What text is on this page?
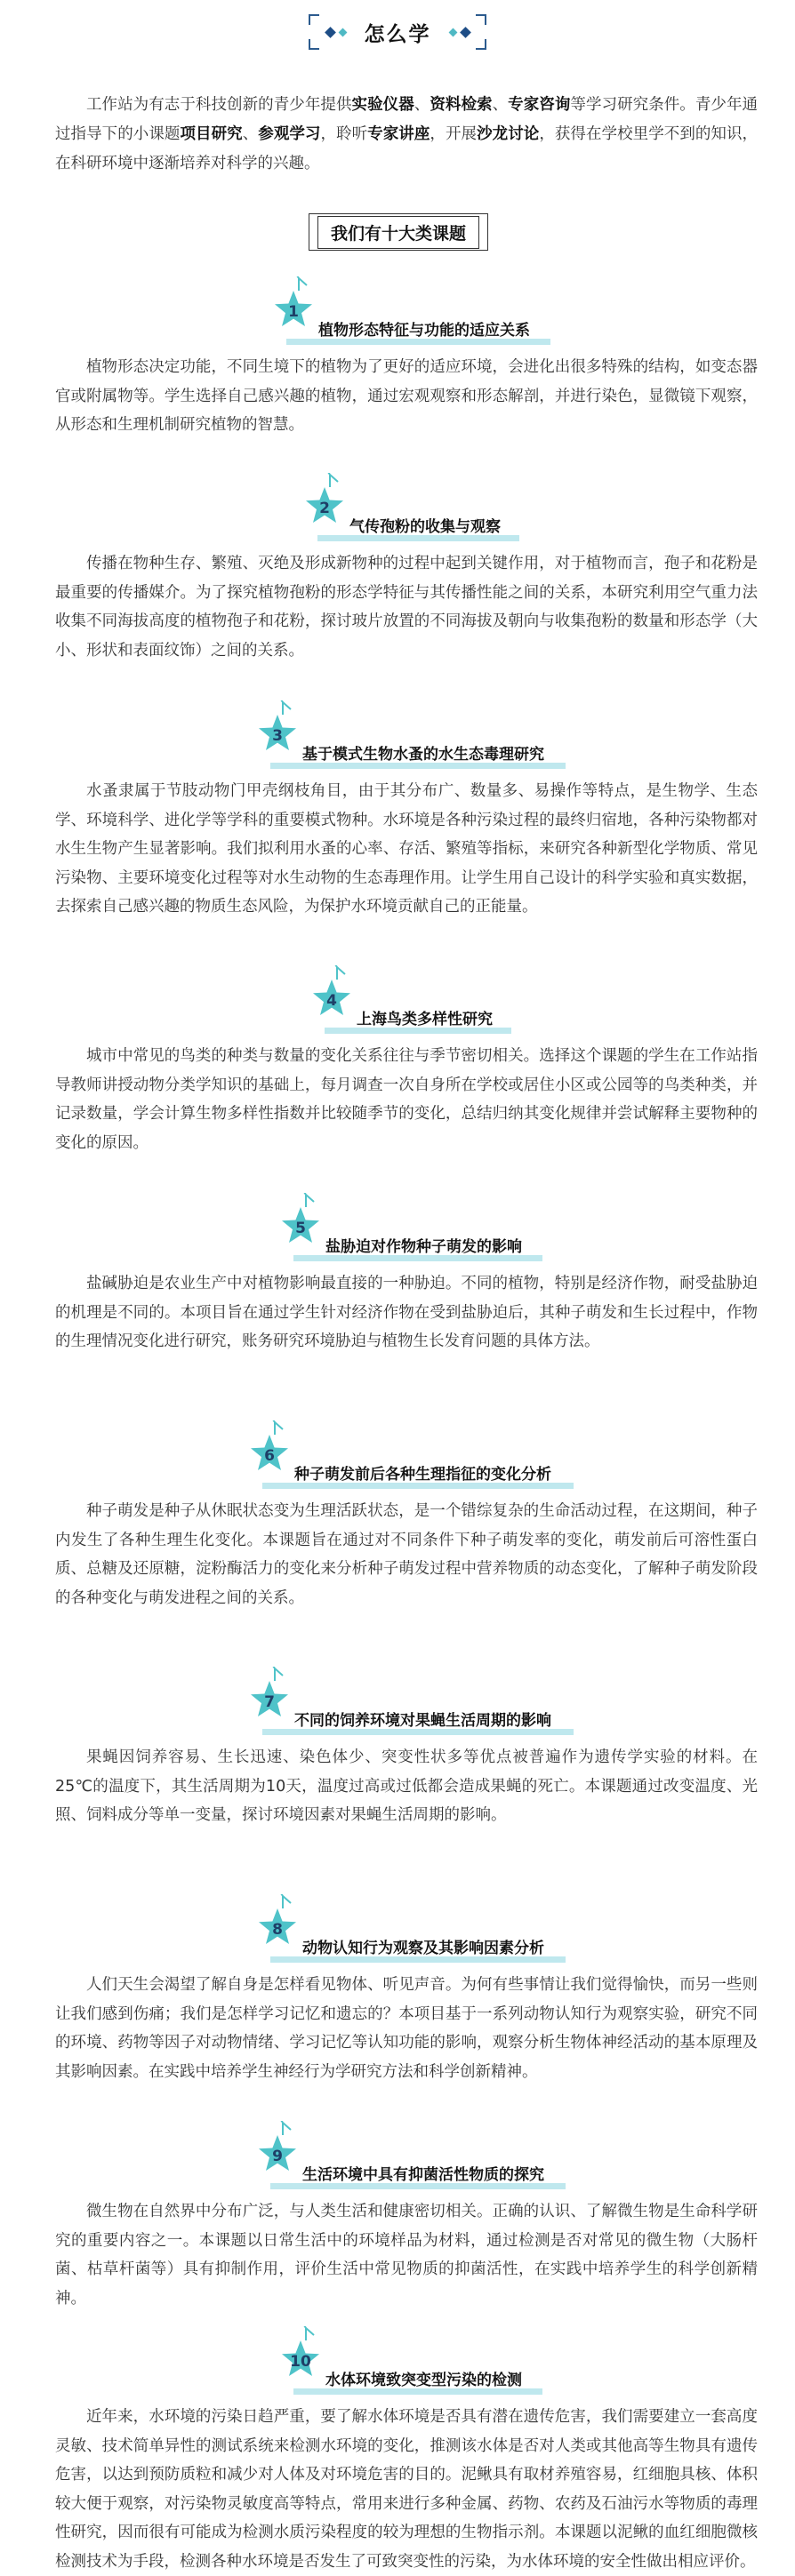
怎么学

工作站为有志于科技创新的青少年提供实验仪器、资料检索、专家咨询等学习研究条件。青少年通过指导下的小课题项目研究、参观学习，聆听专家讲座，开展沙龙讨论，获得在学校里学不到的知识，在科研环境中逐渐培养对科学的兴趣。

我们有十大类课题
1
植物形态特征与功能的适应关系

植物形态决定功能，不同生境下的植物为了更好的适应环境，会进化出很多特殊的结构，如变态器官或附属物等。学生选择自己感兴趣的植物，通过宏观观察和形态解剖，并进行染色，显微镜下观察，从形态和生理机制研究植物的智慧。

2
气传孢粉的收集与观察

传播在物种生存、繁殖、灭绝及形成新物种的过程中起到关键作用，对于植物而言，孢子和花粉是最重要的传播媒介。为了探究植物孢粉的形态学特征与其传播性能之间的关系，本研究利用空气重力法收集不同海拔高度的植物孢子和花粉，探讨玻片放置的不同海拔及朝向与收集孢粉的数量和形态学（大小、形状和表面纹饰）之间的关系。

3
基于模式生物水蚤的水生态毒理研究

水蚤隶属于节肢动物门甲壳纲枝角目，由于其分布广、数量多、易操作等特点，是生物学、生态学、环境科学、进化学等学科的重要模式物种。水环境是各种污染过程的最终归宿地，各种污染物都对水生生物产生显著影响。我们拟利用水蚤的心率、存活、繁殖等指标，来研究各种新型化学物质、常见污染物、主要环境变化过程等对水生动物的生态毒理作用。让学生用自己设计的科学实验和真实数据，去探索自己感兴趣的物质生态风险，为保护水环境贡献自己的正能量。

4
上海鸟类多样性研究

城市中常见的鸟类的种类与数量的变化关系往往与季节密切相关。选择这个课题的学生在工作站指导教师讲授动物分类学知识的基础上，每月调查一次自身所在学校或居住小区或公园等的鸟类种类，并记录数量，学会计算生物多样性指数并比较随季节的变化，总结归纳其变化规律并尝试解释主要物种的变化的原因。

5
盐胁迫对作物种子萌发的影响

盐碱胁迫是农业生产中对植物影响最直接的一种胁迫。不同的植物，特别是经济作物，耐受盐胁迫的机理是不同的。本项目旨在通过学生针对经济作物在受到盐胁迫后，其种子萌发和生长过程中，作物的生理情况变化进行研究，账务研究环境胁迫与植物生长发育问题的具体方法。

6
种子萌发前后各种生理指征的变化分析

种子萌发是种子从休眠状态变为生理活跃状态，是一个错综复杂的生命活动过程，在这期间，种子内发生了各种生理生化变化。本课题旨在通过对不同条件下种子萌发率的变化，萌发前后可溶性蛋白质、总糖及还原糖，淀粉酶活力的变化来分析种子萌发过程中营养物质的动态变化，了解种子萌发阶段的各种变化与萌发进程之间的关系。

7
不同的饲养环境对果蝇生活周期的影响

果蝇因饲养容易、生长迅速、染色体少、突变性状多等优点被普遍作为遗传学实验的材料。在25℃的温度下，其生活周期为10天，温度过高或过低都会造成果蝇的死亡。本课题通过改变温度、光照、饲料成分等单一变量，探讨环境因素对果蝇生活周期的影响。

8
动物认知行为观察及其影响因素分析

人们天生会渴望了解自身是怎样看见物体、听见声音。为何有些事情让我们觉得愉快，而另一些则让我们感到伤痛；我们是怎样学习记忆和遗忘的？本项目基于一系列动物认知行为观察实验，研究不同的环境、药物等因子对动物情绪、学习记忆等认知功能的影响，观察分析生物体神经活动的基本原理及其影响因素。在实践中培养学生神经行为学研究方法和科学创新精神。

9
生活环境中具有抑菌活性物质的探究

微生物在自然界中分布广泛，与人类生活和健康密切相关。正确的认识、了解微生物是生命科学研究的重要内容之一。本课题以日常生活中的环境样品为材料，通过检测是否对常见的微生物（大肠杆菌、枯草杆菌等）具有抑制作用，评价生活中常见物质的抑菌活性，在实践中培养学生的科学创新精神。

10
水体环境致突变型污染的检测

近年来，水环境的污染日趋严重，要了解水体环境是否具有潜在遗传危害，我们需要建立一套高度灵敏、技术简单异性的测试系统来检测水环境的变化，推测该水体是否对人类或其他高等生物具有遗传危害，以达到预防质粒和减少对人体及对环境危害的目的。泥鳅具有取材养殖容易，红细胞具核、体积较大便于观察，对污染物灵敏度高等特点，常用来进行多种金属、药物、农药及石油污水等物质的毒理性研究，因而很有可能成为检测水质污染程度的较为理想的生物指示剂。本课题以泥鳅的血红细胞微核检测技术为手段，检测各种水环境是否发生了可致突变性的污染，为水体环境的安全性做出相应评价。
